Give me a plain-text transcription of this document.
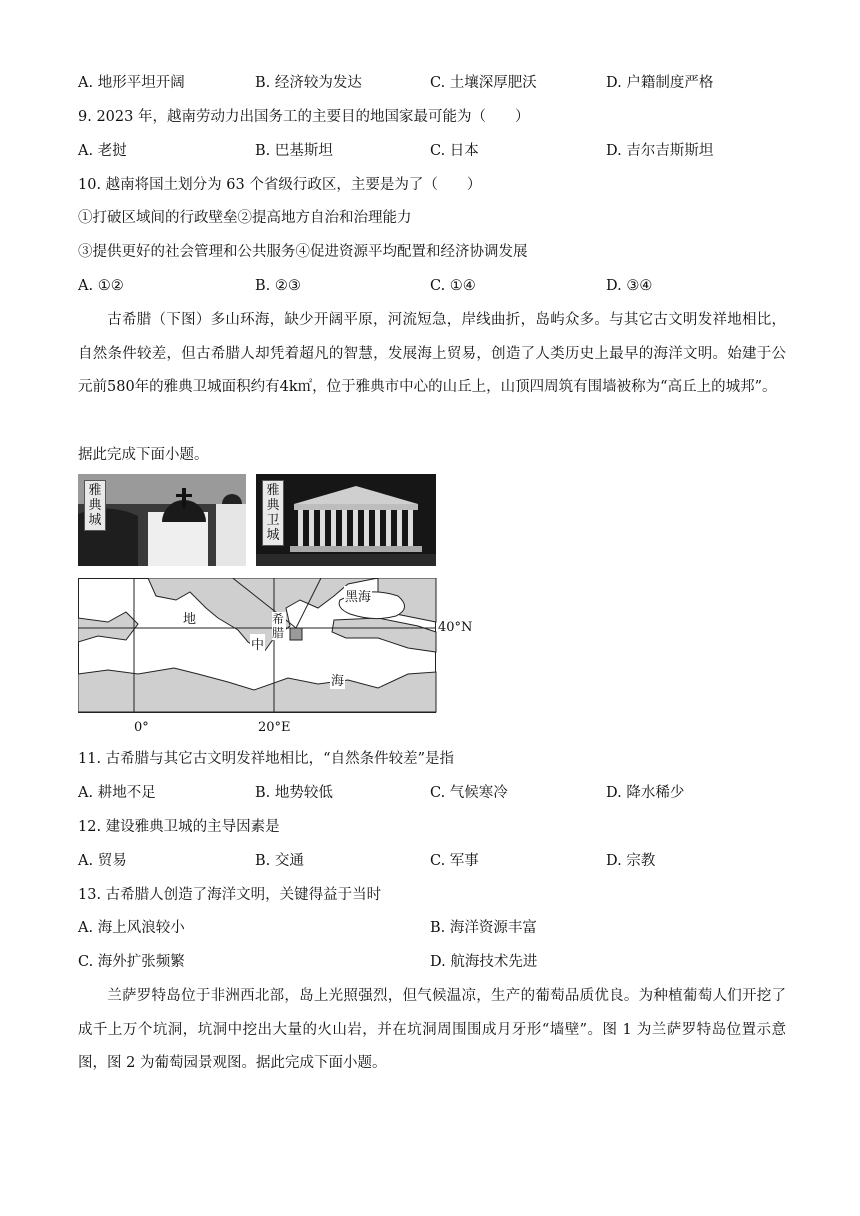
A. 地形平坦开阔	B. 经济较为发达	C. 土壤深厚肥沃	D. 户籍制度严格
9. 2023 年，越南劳动力出国务工的主要目的地国家最可能为（　　）
A. 老挝	B. 巴基斯坦	C. 日本	D. 吉尔吉斯斯坦
10. 越南将国土划分为 63 个省级行政区，主要是为了（　　）
①打破区域间的行政壁垒②提高地方自治和治理能力
③提供更好的社会管理和公共服务④促进资源平均配置和经济协调发展
A. ①②	B. ②③	C. ①④	D. ③④
古希腊（下图）多山环海，缺少开阔平原，河流短急，岸线曲折，岛屿众多。与其它古文明发祥地相比，自然条件较差，但古希腊人却凭着超凡的智慧，发展海上贸易，创造了人类历史上最早的海洋文明。始建于公元前580年的雅典卫城面积约有4k㎡，位于雅典市中心的山丘上，山顶四周筑有围墙被称为“高丘上的城邦”。
据此完成下面小题。
雅典城
雅典卫城
黑海
地
中
海
希腊	40°N
0°	20°E
11. 古希腊与其它古文明发祥地相比，“自然条件较差”是指
A. 耕地不足	B. 地势较低	C. 气候寒冷	D. 降水稀少
12. 建设雅典卫城的主导因素是
A. 贸易	B. 交通	C. 军事	D. 宗教
13. 古希腊人创造了海洋文明，关键得益于当时
A. 海上风浪较小	B. 海洋资源丰富
C. 海外扩张频繁	D. 航海技术先进
兰萨罗特岛位于非洲西北部，岛上光照强烈，但气候温凉，生产的葡萄品质优良。为种植葡萄人们开挖了成千上万个坑洞，坑洞中挖出大量的火山岩，并在坑洞周围围成月牙形“墙壁”。图 1 为兰萨罗特岛位置示意图，图 2 为葡萄园景观图。据此完成下面小题。
